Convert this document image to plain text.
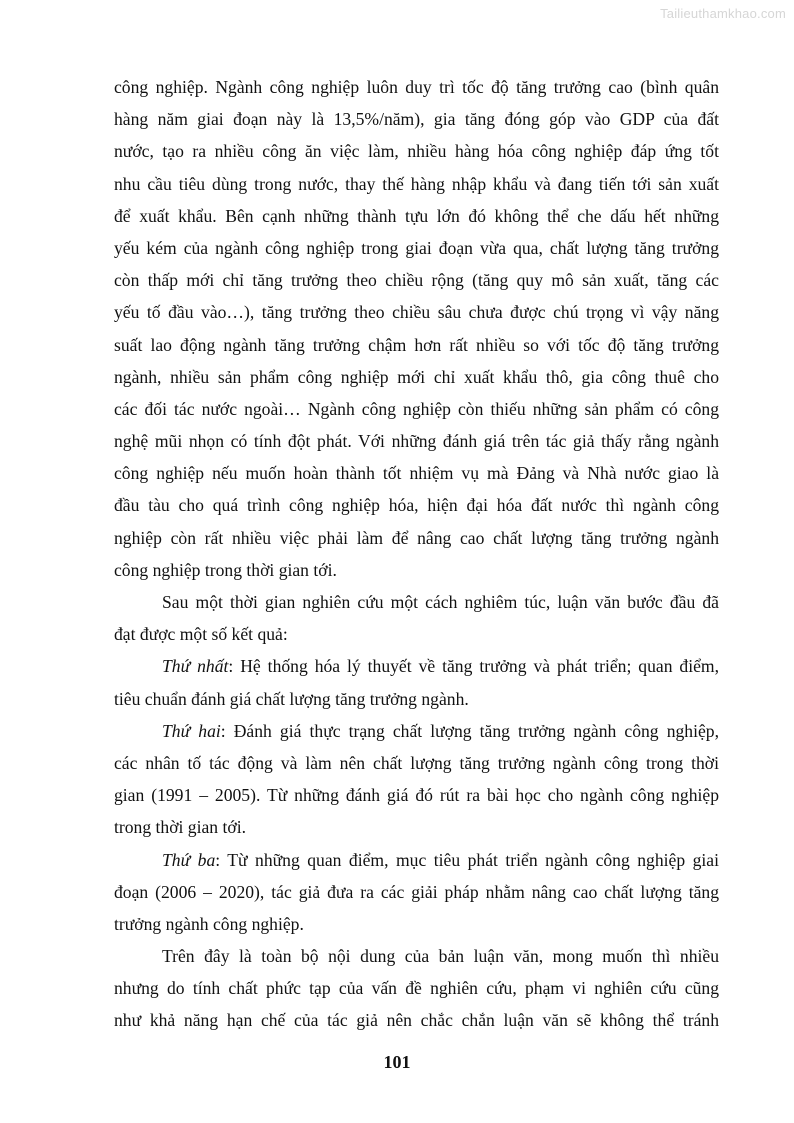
Tailieuthamkhao.com
công nghiệp. Ngành công nghiệp luôn duy trì tốc độ tăng trưởng cao (bình quân
hàng năm giai đoạn này là 13,5%/năm), gia tăng đóng góp vào GDP của đất
nước, tạo ra nhiều công ăn việc làm, nhiều hàng hóa công nghiệp đáp ứng tốt
nhu cầu tiêu dùng trong nước, thay thế hàng nhập khẩu và đang tiến tới sản xuất
để xuất khẩu. Bên cạnh những thành tựu lớn đó không thể che dấu hết những
yếu kém của ngành công nghiệp trong giai đoạn vừa qua, chất lượng tăng trưởng
còn thấp mới chỉ tăng trưởng theo chiều rộng (tăng quy mô sản xuất, tăng các
yếu tố đầu vào…), tăng trưởng theo chiều sâu chưa được chú trọng vì vậy năng
suất lao động ngành tăng trưởng chậm hơn rất nhiều so với tốc độ tăng trưởng
ngành, nhiều sản phẩm công nghiệp mới chỉ xuất khẩu thô, gia công thuê cho
các đối tác nước ngoài… Ngành công nghiệp còn thiếu những sản phẩm có công
nghệ mũi nhọn có tính đột phát. Với những đánh giá trên tác giả thấy rằng ngành
công nghiệp nếu muốn hoàn thành tốt nhiệm vụ mà Đảng và Nhà nước giao là
đầu tàu cho quá trình công nghiệp hóa, hiện đại hóa đất nước thì ngành công
nghiệp còn rất nhiều việc phải làm để nâng cao chất lượng tăng trưởng ngành
công nghiệp trong thời gian tới.
Sau một thời gian nghiên cứu một cách nghiêm túc, luận văn bước đầu đã
đạt được một số kết quả:
Thứ nhất: Hệ thống hóa lý thuyết về tăng trưởng và phát triển; quan điểm,
tiêu chuẩn đánh giá chất lượng tăng trưởng ngành.
Thứ hai: Đánh giá thực trạng chất lượng tăng trưởng ngành công nghiệp,
các nhân tố tác động và làm nên chất lượng tăng trưởng ngành công trong thời
gian (1991 – 2005). Từ những đánh giá đó rút ra bài học cho ngành công nghiệp
trong thời gian tới.
Thứ ba: Từ những quan điểm, mục tiêu phát triển ngành công nghiệp giai
đoạn (2006 – 2020), tác giả đưa ra các giải pháp nhằm nâng cao chất lượng tăng
trưởng ngành công nghiệp.
Trên đây là toàn bộ nội dung của bản luận văn, mong muốn thì nhiều
nhưng do tính chất phức tạp của vấn đề nghiên cứu, phạm vi nghiên cứu cũng
như khả năng hạn chế của tác giả nên chắc chắn luận văn sẽ không thể tránh
101
